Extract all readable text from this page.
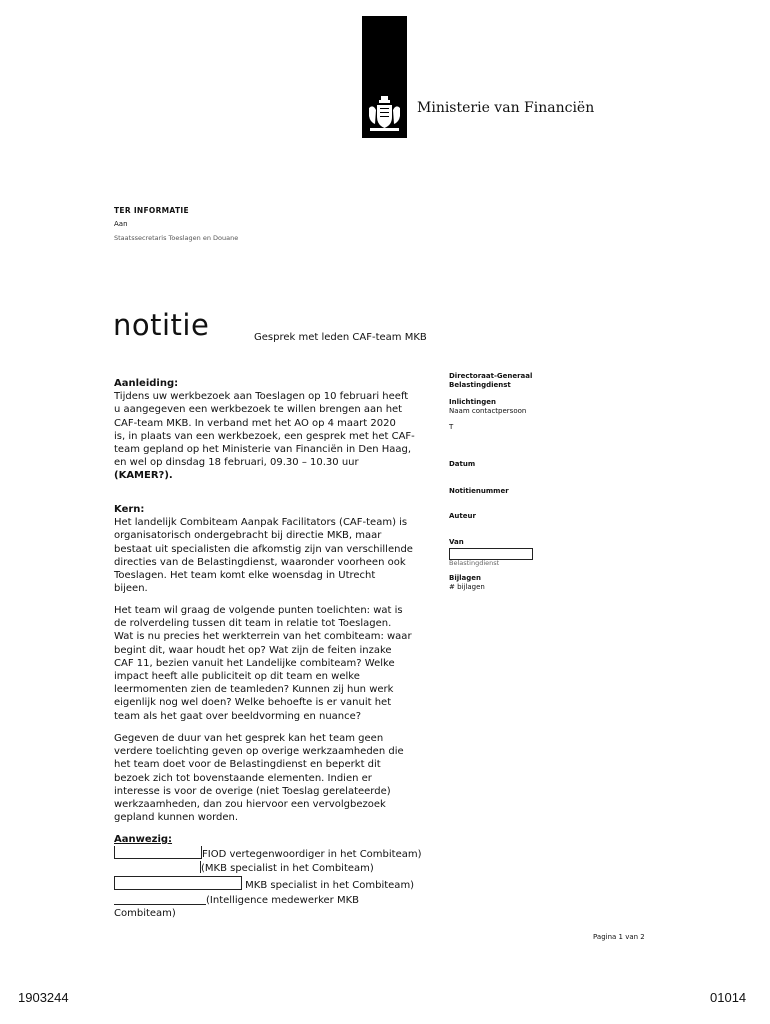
Ministerie van Financiën
TER INFORMATIE
Aan
Staatssecretaris Toeslagen en Douane
notitie	Gesprek met leden CAF-team MKB

Aanleiding:

Tijdens uw werkbezoek aan Toeslagen op 10 februari heeft

u aangegeven een werkbezoek te willen brengen aan het

CAF-team MKB. In verband met het AO op 4 maart 2020

is, in plaats van een werkbezoek, een gesprek met het CAF-

team gepland op het Ministerie van Financiën in Den Haag,

en wel op dinsdag 18 februari, 09.30 – 10.30 uur

(KAMER?).

Kern:

Het landelijk Combiteam Aanpak Facilitators (CAF-team) is

organisatorisch ondergebracht bij directie MKB, maar

bestaat uit specialisten die afkomstig zijn van verschillende

directies van de Belastingdienst, waaronder voorheen ook

Toeslagen. Het team komt elke woensdag in Utrecht

bijeen.

Het team wil graag de volgende punten toelichten: wat is

de rolverdeling tussen dit team in relatie tot Toeslagen.

Wat is nu precies het werkterrein van het combiteam: waar

begint dit, waar houdt het op? Wat zijn de feiten inzake

CAF 11, bezien vanuit het Landelijke combiteam? Welke

impact heeft alle publiciteit op dit team en welke

leermomenten zien de teamleden? Kunnen zij hun werk

eigenlijk nog wel doen? Welke behoefte is er vanuit het

team als het gaat over beeldvorming en nuance?

Gegeven de duur van het gesprek kan het team geen

verdere toelichting geven op overige werkzaamheden die

het team doet voor de Belastingdienst en beperkt dit

bezoek zich tot bovenstaande elementen. Indien er

interesse is voor de overige (niet Toeslag gerelateerde)

werkzaamheden, dan zou hiervoor een vervolgbezoek

gepland kunnen worden.

Aanwezig:

FIOD vertegenwoordiger in het Combiteam)

(MKB specialist in het Combiteam)

MKB specialist in het Combiteam)

(Intelligence medewerker MKB

Combiteam)

Directoraat-Generaal
Belastingdienst
Inlichtingen
Naam contactpersoon
T
Datum
Notitienummer
Auteur
Van
Belastingdienst
Bijlagen
# bijlagen
Pagina 1 van 2
1903244	01014
